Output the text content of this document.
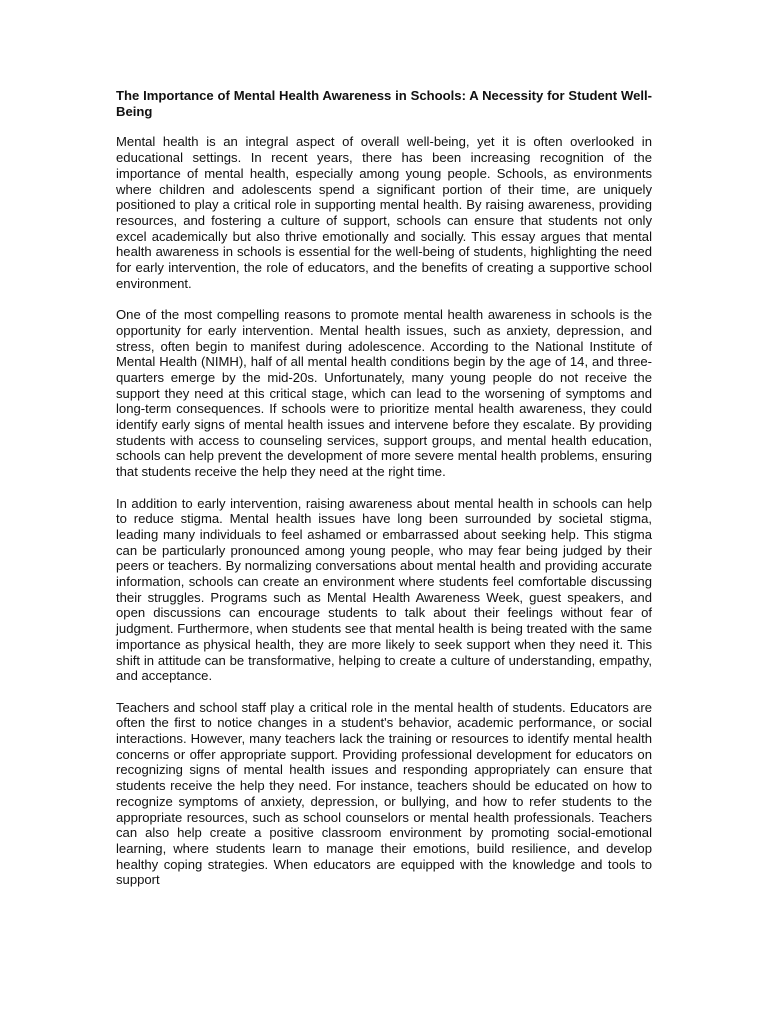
The Importance of Mental Health Awareness in Schools: A Necessity for Student Well-Being

Mental health is an integral aspect of overall well-being, yet it is often overlooked in educational settings. In recent years, there has been increasing recognition of the importance of mental health, especially among young people. Schools, as environments where children and adolescents spend a significant portion of their time, are uniquely positioned to play a critical role in supporting mental health. By raising awareness, providing resources, and fostering a culture of support, schools can ensure that students not only excel academically but also thrive emotionally and socially. This essay argues that mental health awareness in schools is essential for the well-being of students, highlighting the need for early intervention, the role of educators, and the benefits of creating a supportive school environment.

One of the most compelling reasons to promote mental health awareness in schools is the opportunity for early intervention. Mental health issues, such as anxiety, depression, and stress, often begin to manifest during adolescence. According to the National Institute of Mental Health (NIMH), half of all mental health conditions begin by the age of 14, and three-quarters emerge by the mid-20s. Unfortunately, many young people do not receive the support they need at this critical stage, which can lead to the worsening of symptoms and long-term consequences. If schools were to prioritize mental health awareness, they could identify early signs of mental health issues and intervene before they escalate. By providing students with access to counseling services, support groups, and mental health education, schools can help prevent the development of more severe mental health problems, ensuring that students receive the help they need at the right time.

In addition to early intervention, raising awareness about mental health in schools can help to reduce stigma. Mental health issues have long been surrounded by societal stigma, leading many individuals to feel ashamed or embarrassed about seeking help. This stigma can be particularly pronounced among young people, who may fear being judged by their peers or teachers. By normalizing conversations about mental health and providing accurate information, schools can create an environment where students feel comfortable discussing their struggles. Programs such as Mental Health Awareness Week, guest speakers, and open discussions can encourage students to talk about their feelings without fear of judgment. Furthermore, when students see that mental health is being treated with the same importance as physical health, they are more likely to seek support when they need it. This shift in attitude can be transformative, helping to create a culture of understanding, empathy, and acceptance.

Teachers and school staff play a critical role in the mental health of students. Educators are often the first to notice changes in a student's behavior, academic performance, or social interactions. However, many teachers lack the training or resources to identify mental health concerns or offer appropriate support. Providing professional development for educators on recognizing signs of mental health issues and responding appropriately can ensure that students receive the help they need. For instance, teachers should be educated on how to recognize symptoms of anxiety, depression, or bullying, and how to refer students to the appropriate resources, such as school counselors or mental health professionals. Teachers can also help create a positive classroom environment by promoting social-emotional learning, where students learn to manage their emotions, build resilience, and develop healthy coping strategies. When educators are equipped with the knowledge and tools to support
